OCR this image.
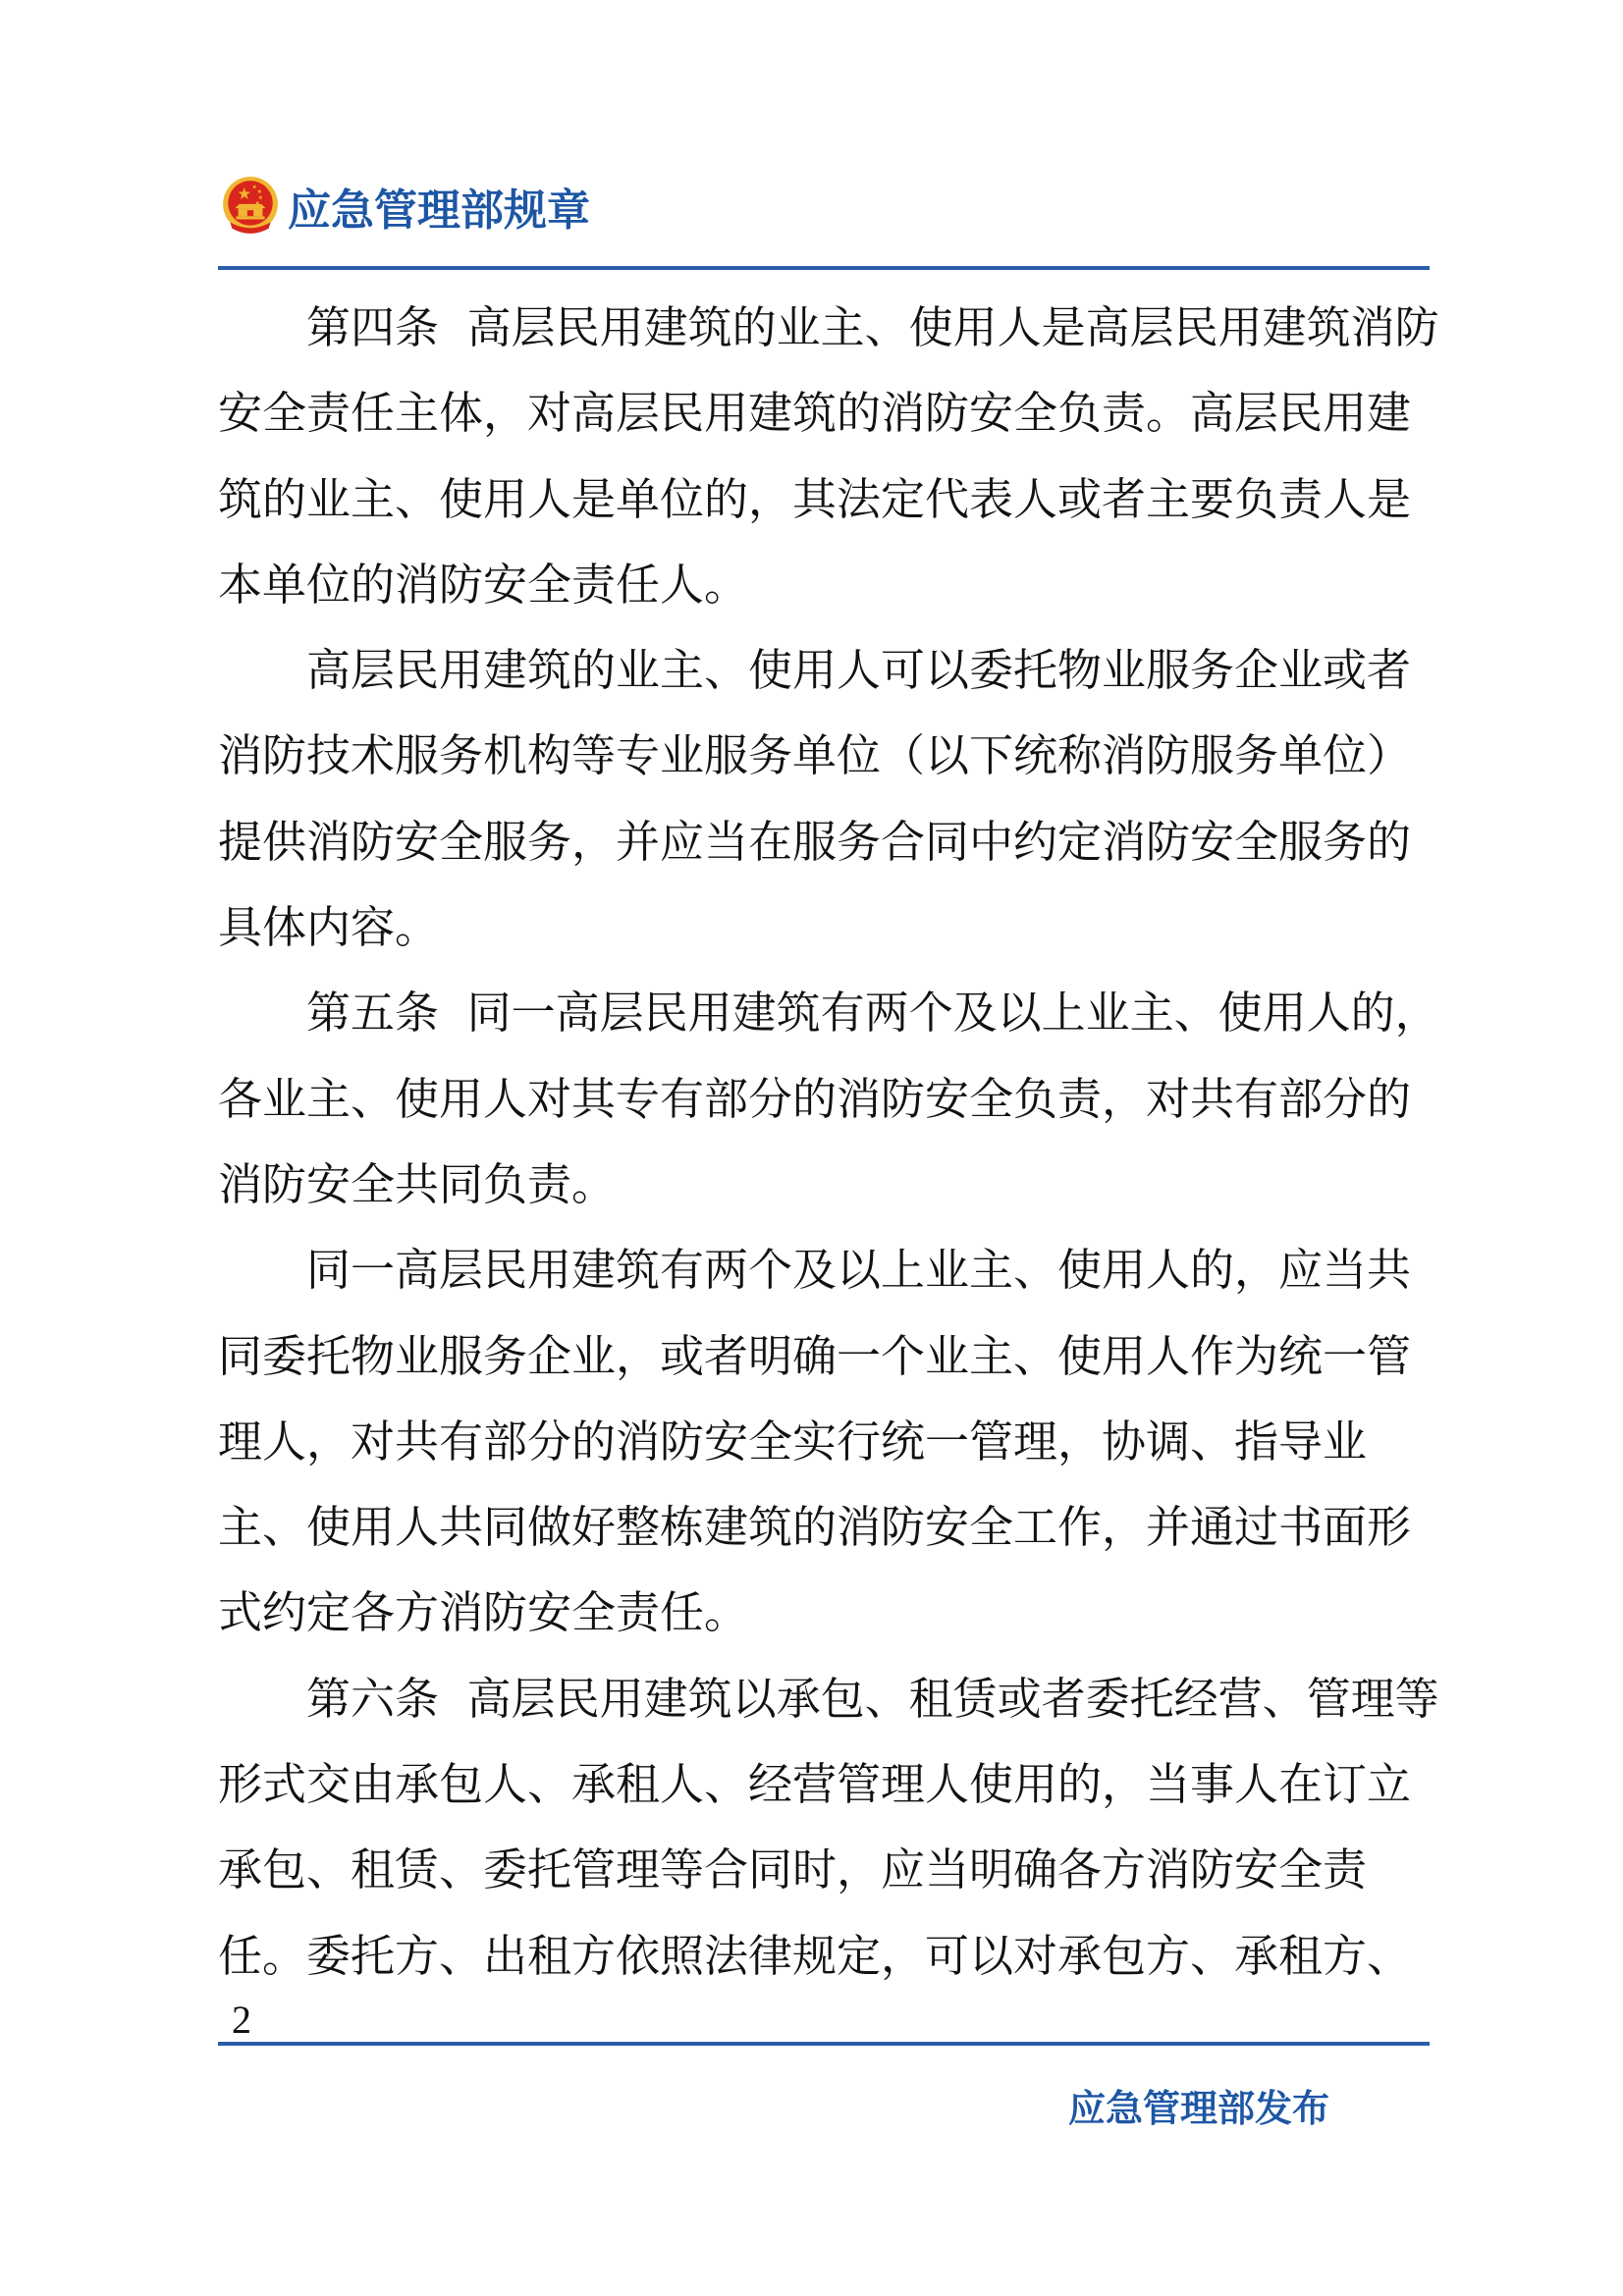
应急管理部规章
第四条  高层民用建筑的业主、使用人是高层民用建筑消防
安全责任主体，对高层民用建筑的消防安全负责。高层民用建
筑的业主、使用人是单位的，其法定代表人或者主要负责人是
本单位的消防安全责任人。
高层民用建筑的业主、使用人可以委托物业服务企业或者
消防技术服务机构等专业服务单位（以下统称消防服务单位）
提供消防安全服务，并应当在服务合同中约定消防安全服务的
具体内容。
第五条  同一高层民用建筑有两个及以上业主、使用人的，
各业主、使用人对其专有部分的消防安全负责，对共有部分的
消防安全共同负责。
同一高层民用建筑有两个及以上业主、使用人的，应当共
同委托物业服务企业，或者明确一个业主、使用人作为统一管
理人，对共有部分的消防安全实行统一管理，协调、指导业
主、使用人共同做好整栋建筑的消防安全工作，并通过书面形
式约定各方消防安全责任。
第六条  高层民用建筑以承包、租赁或者委托经营、管理等
形式交由承包人、承租人、经营管理人使用的，当事人在订立
承包、租赁、委托管理等合同时，应当明确各方消防安全责
任。委托方、出租方依照法律规定，可以对承包方、承租方、
2
应急管理部发布
